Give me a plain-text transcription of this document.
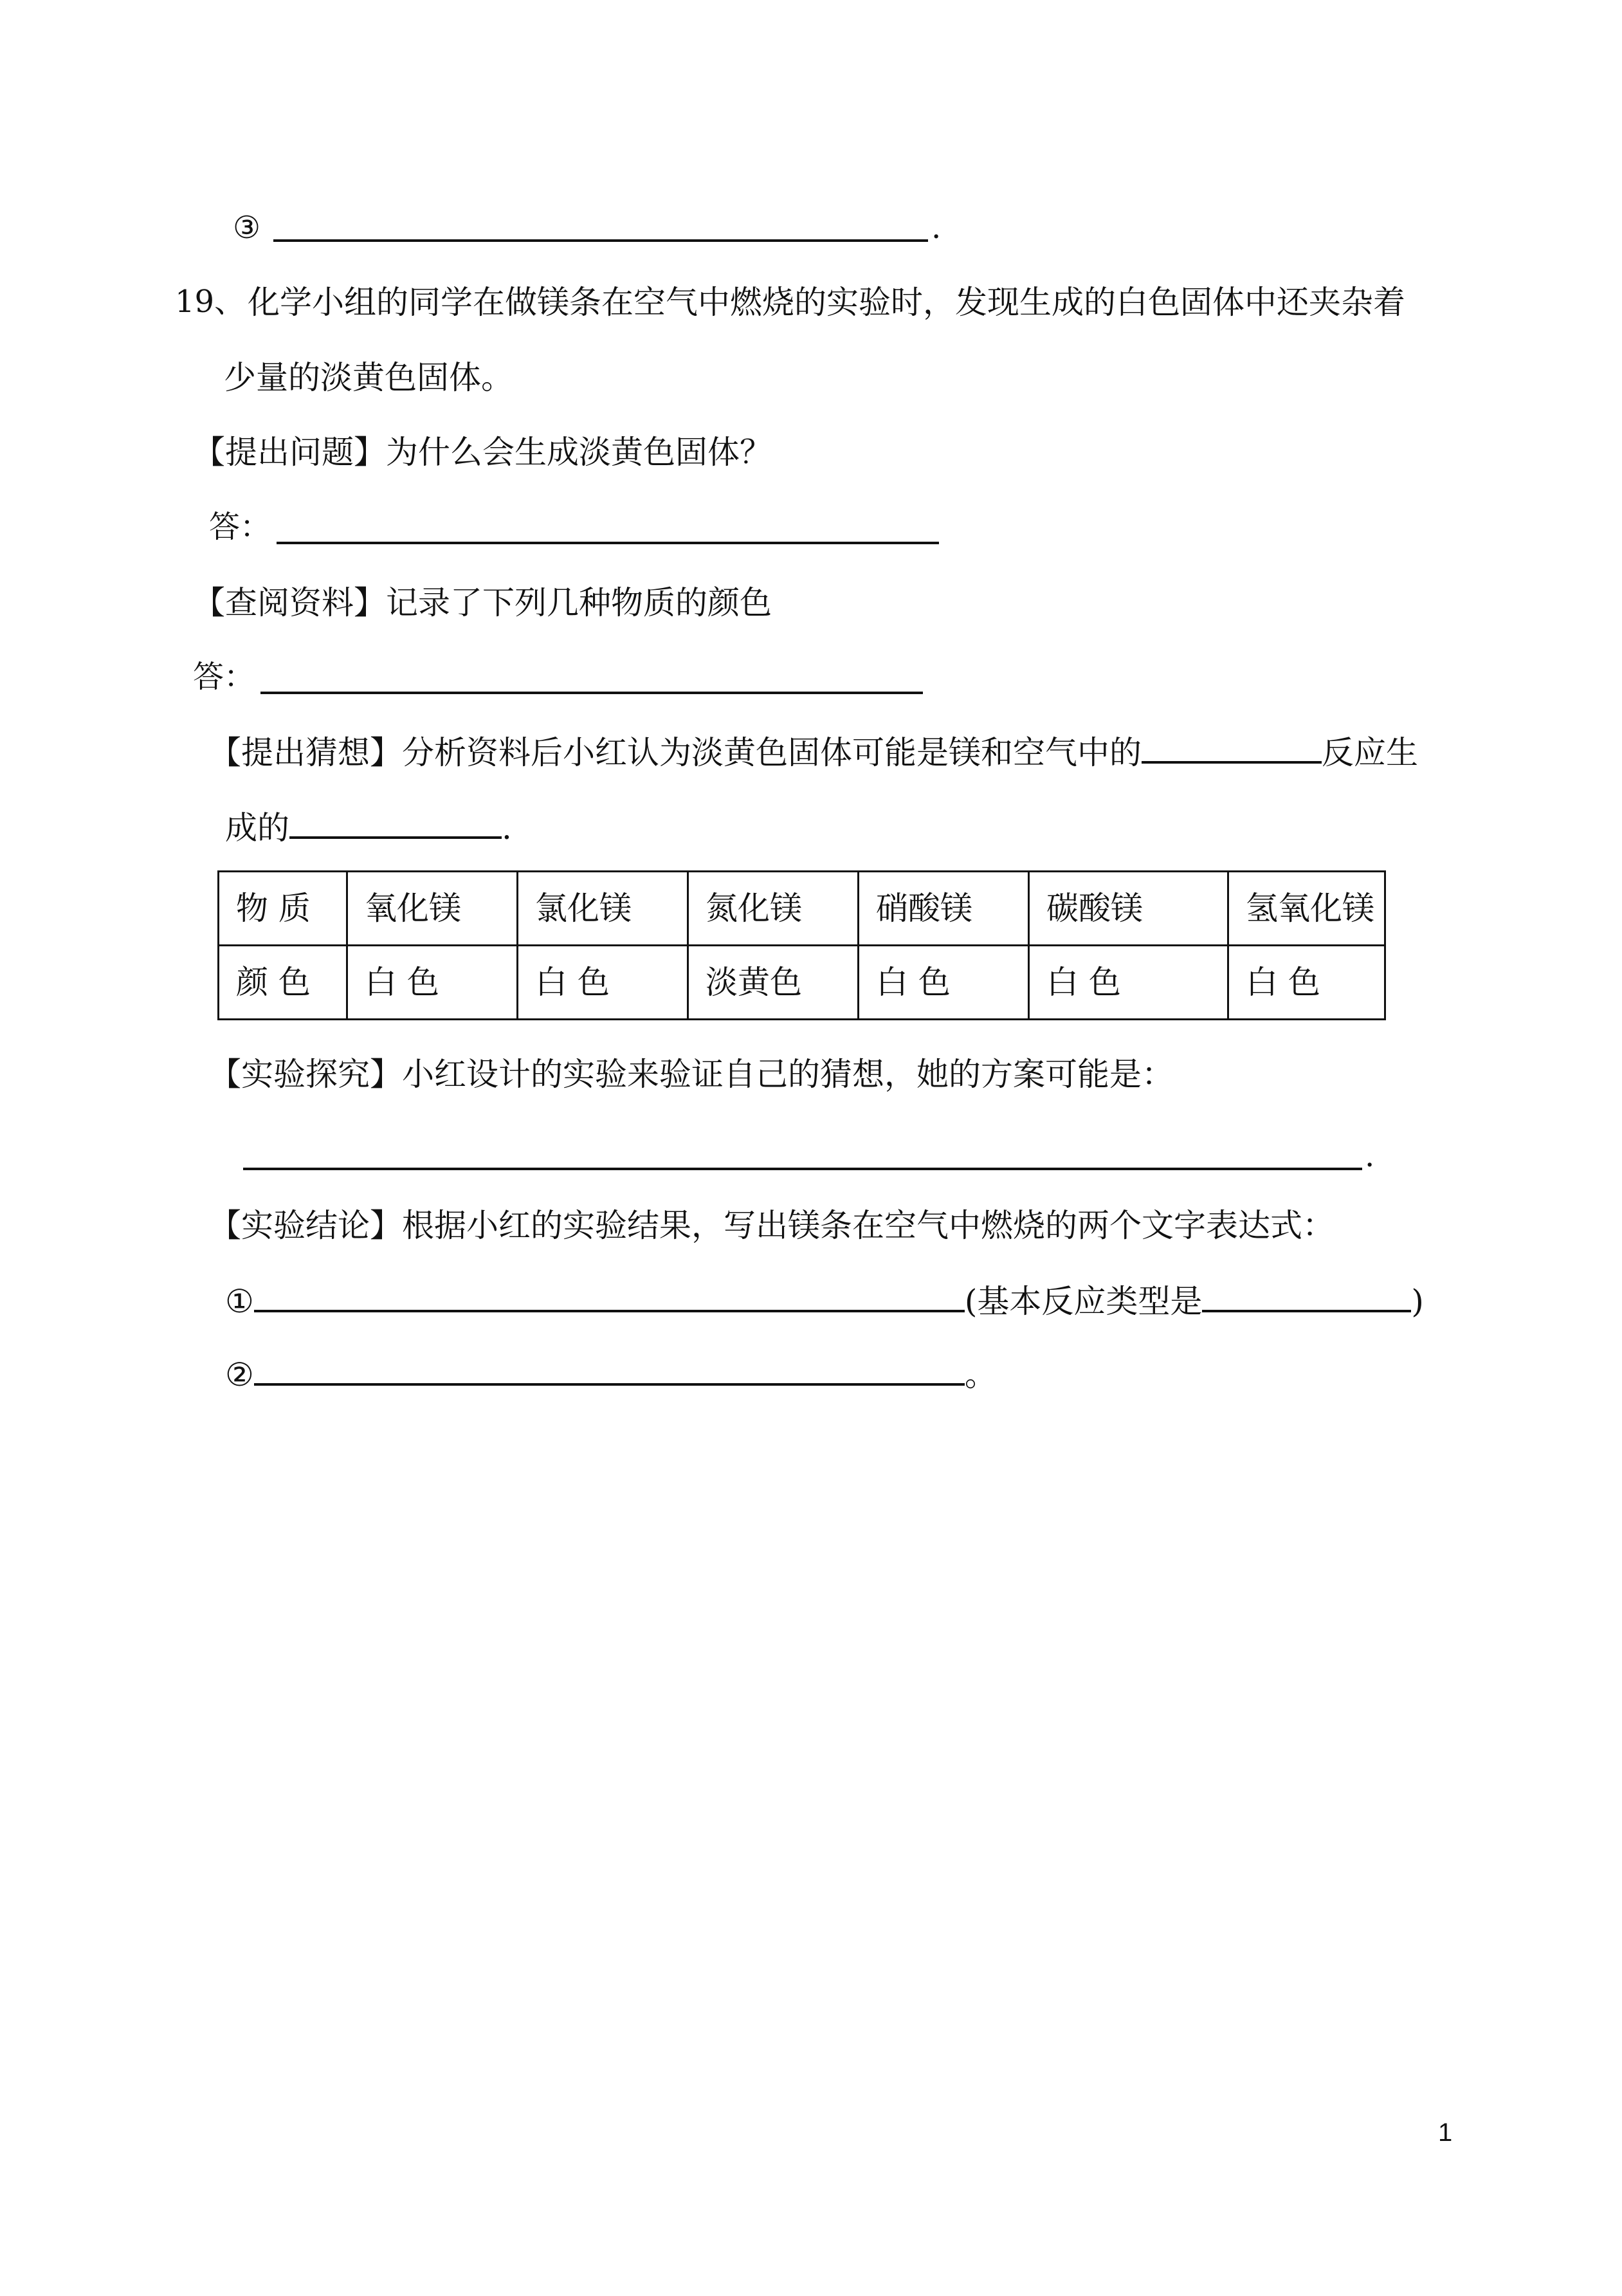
③	.
19、 化学小组的同学在做镁条在空气中燃烧的实验时，发现生成的白色固体中还夹杂着
少量的淡黄色固体。
【提出问题】为什么会生成淡黄色固体？
答：
【查阅资料】记录了下列几种物质的颜色
答：
【提出猜想】分析资料后小红认为淡黄色固体可能是镁和空气中的	反应生
成的	.
物 质	氧化镁	氯化镁	氮化镁	硝酸镁	碳酸镁	氢氧化镁
颜 色	白 色	白 色	淡黄色	白 色	白 色	白 色
【实验探究】小红设计的实验来验证自己的猜想，她的方案可能是：
.
【实验结论】根据小红的实验结果，写出镁条在空气中燃烧的两个文字表达式：
①	(基本反应类型是	)
②	。
1
